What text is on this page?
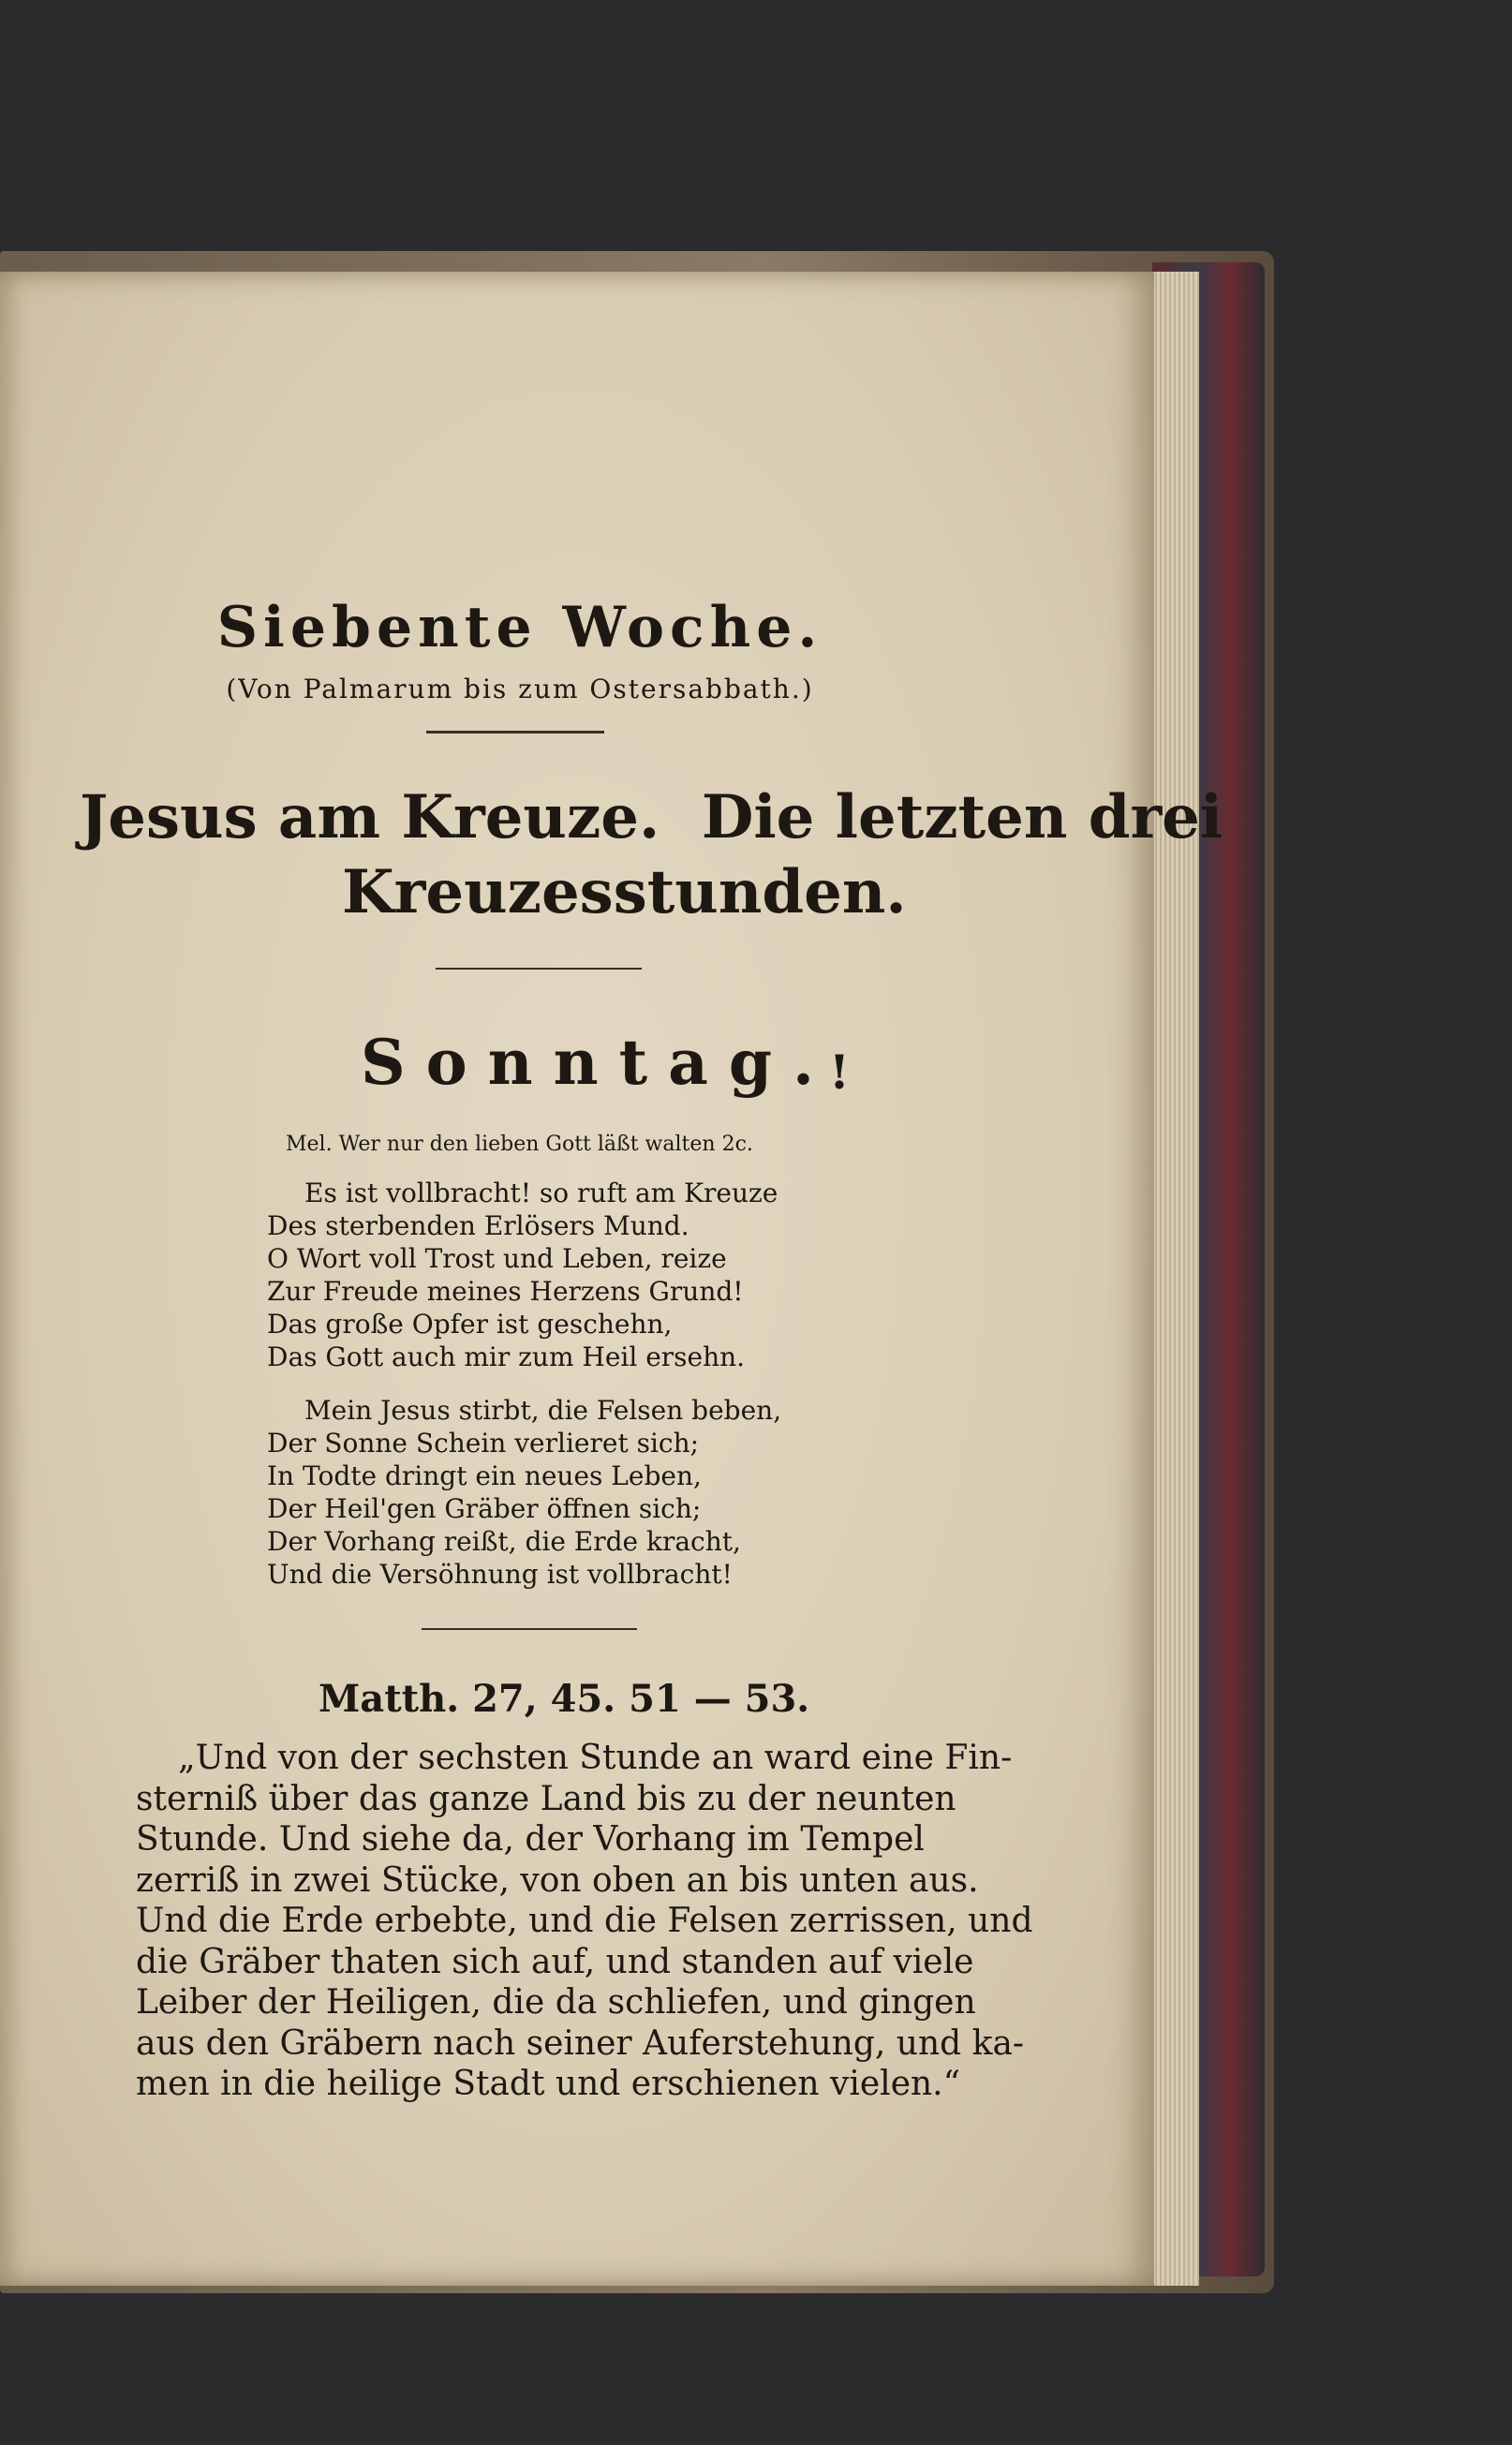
!
Siebente Woche.
(Von Palmarum bis zum Ostersabbath.)
Jesus am Kreuze.  Die letzten drei
Kreuzesstunden.
Sonntag.
Mel. Wer nur den lieben Gott läßt walten 2c.
Es ist vollbracht! so ruft am Kreuze
Des sterbenden Erlösers Mund.
O Wort voll Trost und Leben, reize
Zur Freude meines Herzens Grund!
Das große Opfer ist geschehn,
Das Gott auch mir zum Heil ersehn.
Mein Jesus stirbt, die Felsen beben,
Der Sonne Schein verlieret sich;
In Todte dringt ein neues Leben,
Der Heil'gen Gräber öffnen sich;
Der Vorhang reißt, die Erde kracht,
Und die Versöhnung ist vollbracht!
Matth. 27, 45. 51 — 53.
„Und von der sechsten Stunde an ward eine Fin-
sterniß über das ganze Land bis zu der neunten
Stunde. Und siehe da, der Vorhang im Tempel
zerriß in zwei Stücke, von oben an bis unten aus.
Und die Erde erbebte, und die Felsen zerrissen, und
die Gräber thaten sich auf, und standen auf viele
Leiber der Heiligen, die da schliefen, und gingen
aus den Gräbern nach seiner Auferstehung, und ka-
men in die heilige Stadt und erschienen vielen.“
